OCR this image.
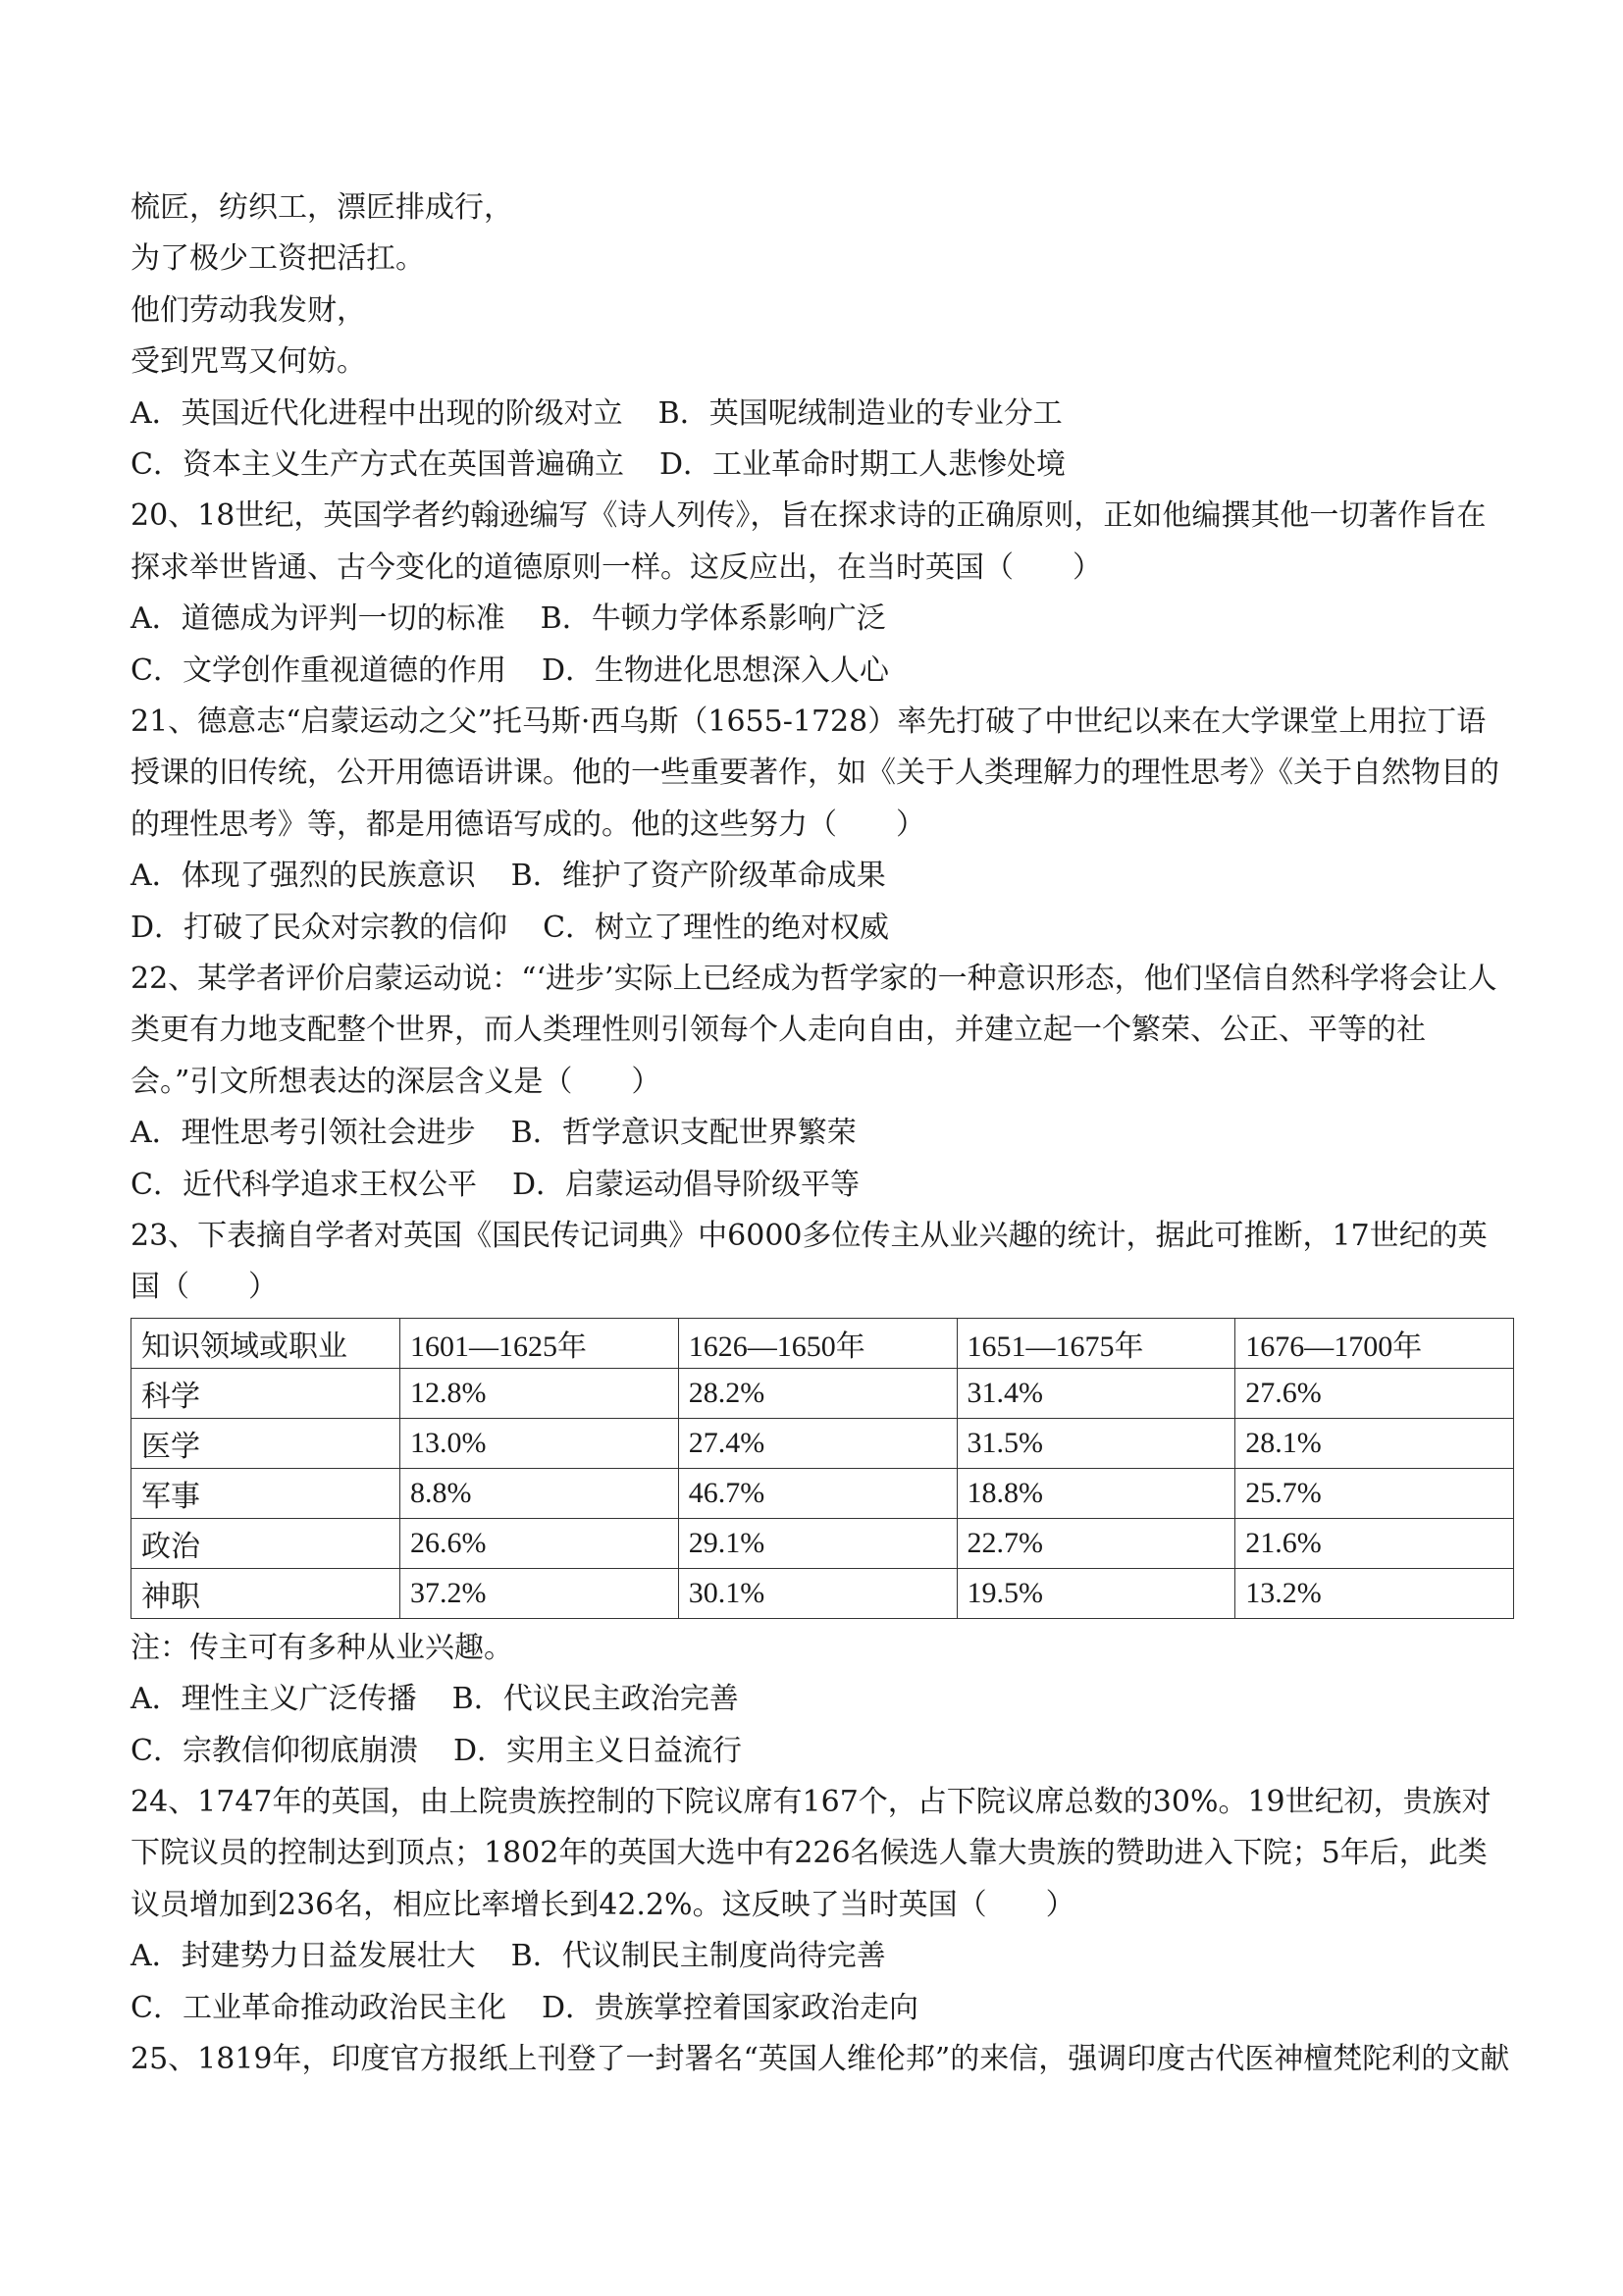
梳匠，纺织工，漂匠排成行，
为了极少工资把活扛。
他们劳动我发财，
受到咒骂又何妨。
A．英国近代化进程中出现的阶级对立 B．英国呢绒制造业的专业分工
C．资本主义生产方式在英国普遍确立 D．工业革命时期工人悲惨处境
20、18世纪，英国学者约翰逊编写《诗人列传》，旨在探求诗的正确原则，正如他编撰其他一切著作旨在探求举世皆通、古今变化的道德原则一样。这反应出，在当时英国（　　）
A．道德成为评判一切的标准 B．牛顿力学体系影响广泛
C．文学创作重视道德的作用 D．生物进化思想深入人心
21、德意志“启蒙运动之父”托马斯·西乌斯（1655-1728）率先打破了中世纪以来在大学课堂上用拉丁语授课的旧传统，公开用德语讲课。他的一些重要著作，如《关于人类理解力的理性思考》《关于自然物目的的理性思考》等，都是用德语写成的。他的这些努力（　　）
A．体现了强烈的民族意识 B．维护了资产阶级革命成果
D．打破了民众对宗教的信仰 C．树立了理性的绝对权威
22、某学者评价启蒙运动说：“‘进步’实际上已经成为哲学家的一种意识形态，他们坚信自然科学将会让人类更有力地支配整个世界，而人类理性则引领每个人走向自由，并建立起一个繁荣、公正、平等的社会。”引文所想表达的深层含义是（　　）
A．理性思考引领社会进步 B．哲学意识支配世界繁荣
C．近代科学追求王权公平 D．启蒙运动倡导阶级平等
23、下表摘自学者对英国《国民传记词典》中6000多位传主从业兴趣的统计，据此可推断，17世纪的英国（　　）
知识领域或职业	1601—1625年	1626—1650年	1651—1675年	1676—1700年
科学	12.8%	28.2%	31.4%	27.6%
医学	13.0%	27.4%	31.5%	28.1%
军事	8.8%	46.7%	18.8%	25.7%
政治	26.6%	29.1%	22.7%	21.6%
神职	37.2%	30.1%	19.5%	13.2%
注：传主可有多种从业兴趣。
A．理性主义广泛传播 B．代议民主政治完善
C．宗教信仰彻底崩溃 D．实用主义日益流行
24、1747年的英国，由上院贵族控制的下院议席有167个，占下院议席总数的30%。19世纪初，贵族对下院议员的控制达到顶点；1802年的英国大选中有226名候选人靠大贵族的赞助进入下院；5年后，此类议员增加到236名，相应比率增长到42.2%。这反映了当时英国（　　）
A．封建势力日益发展壮大 B．代议制民主制度尚待完善
C．工业革命推动政治民主化 D．贵族掌控着国家政治走向
25、1819年，印度官方报纸上刊登了一封署名“英国人维伦邦”的来信，强调印度古代医神檀梵陀利的文献
